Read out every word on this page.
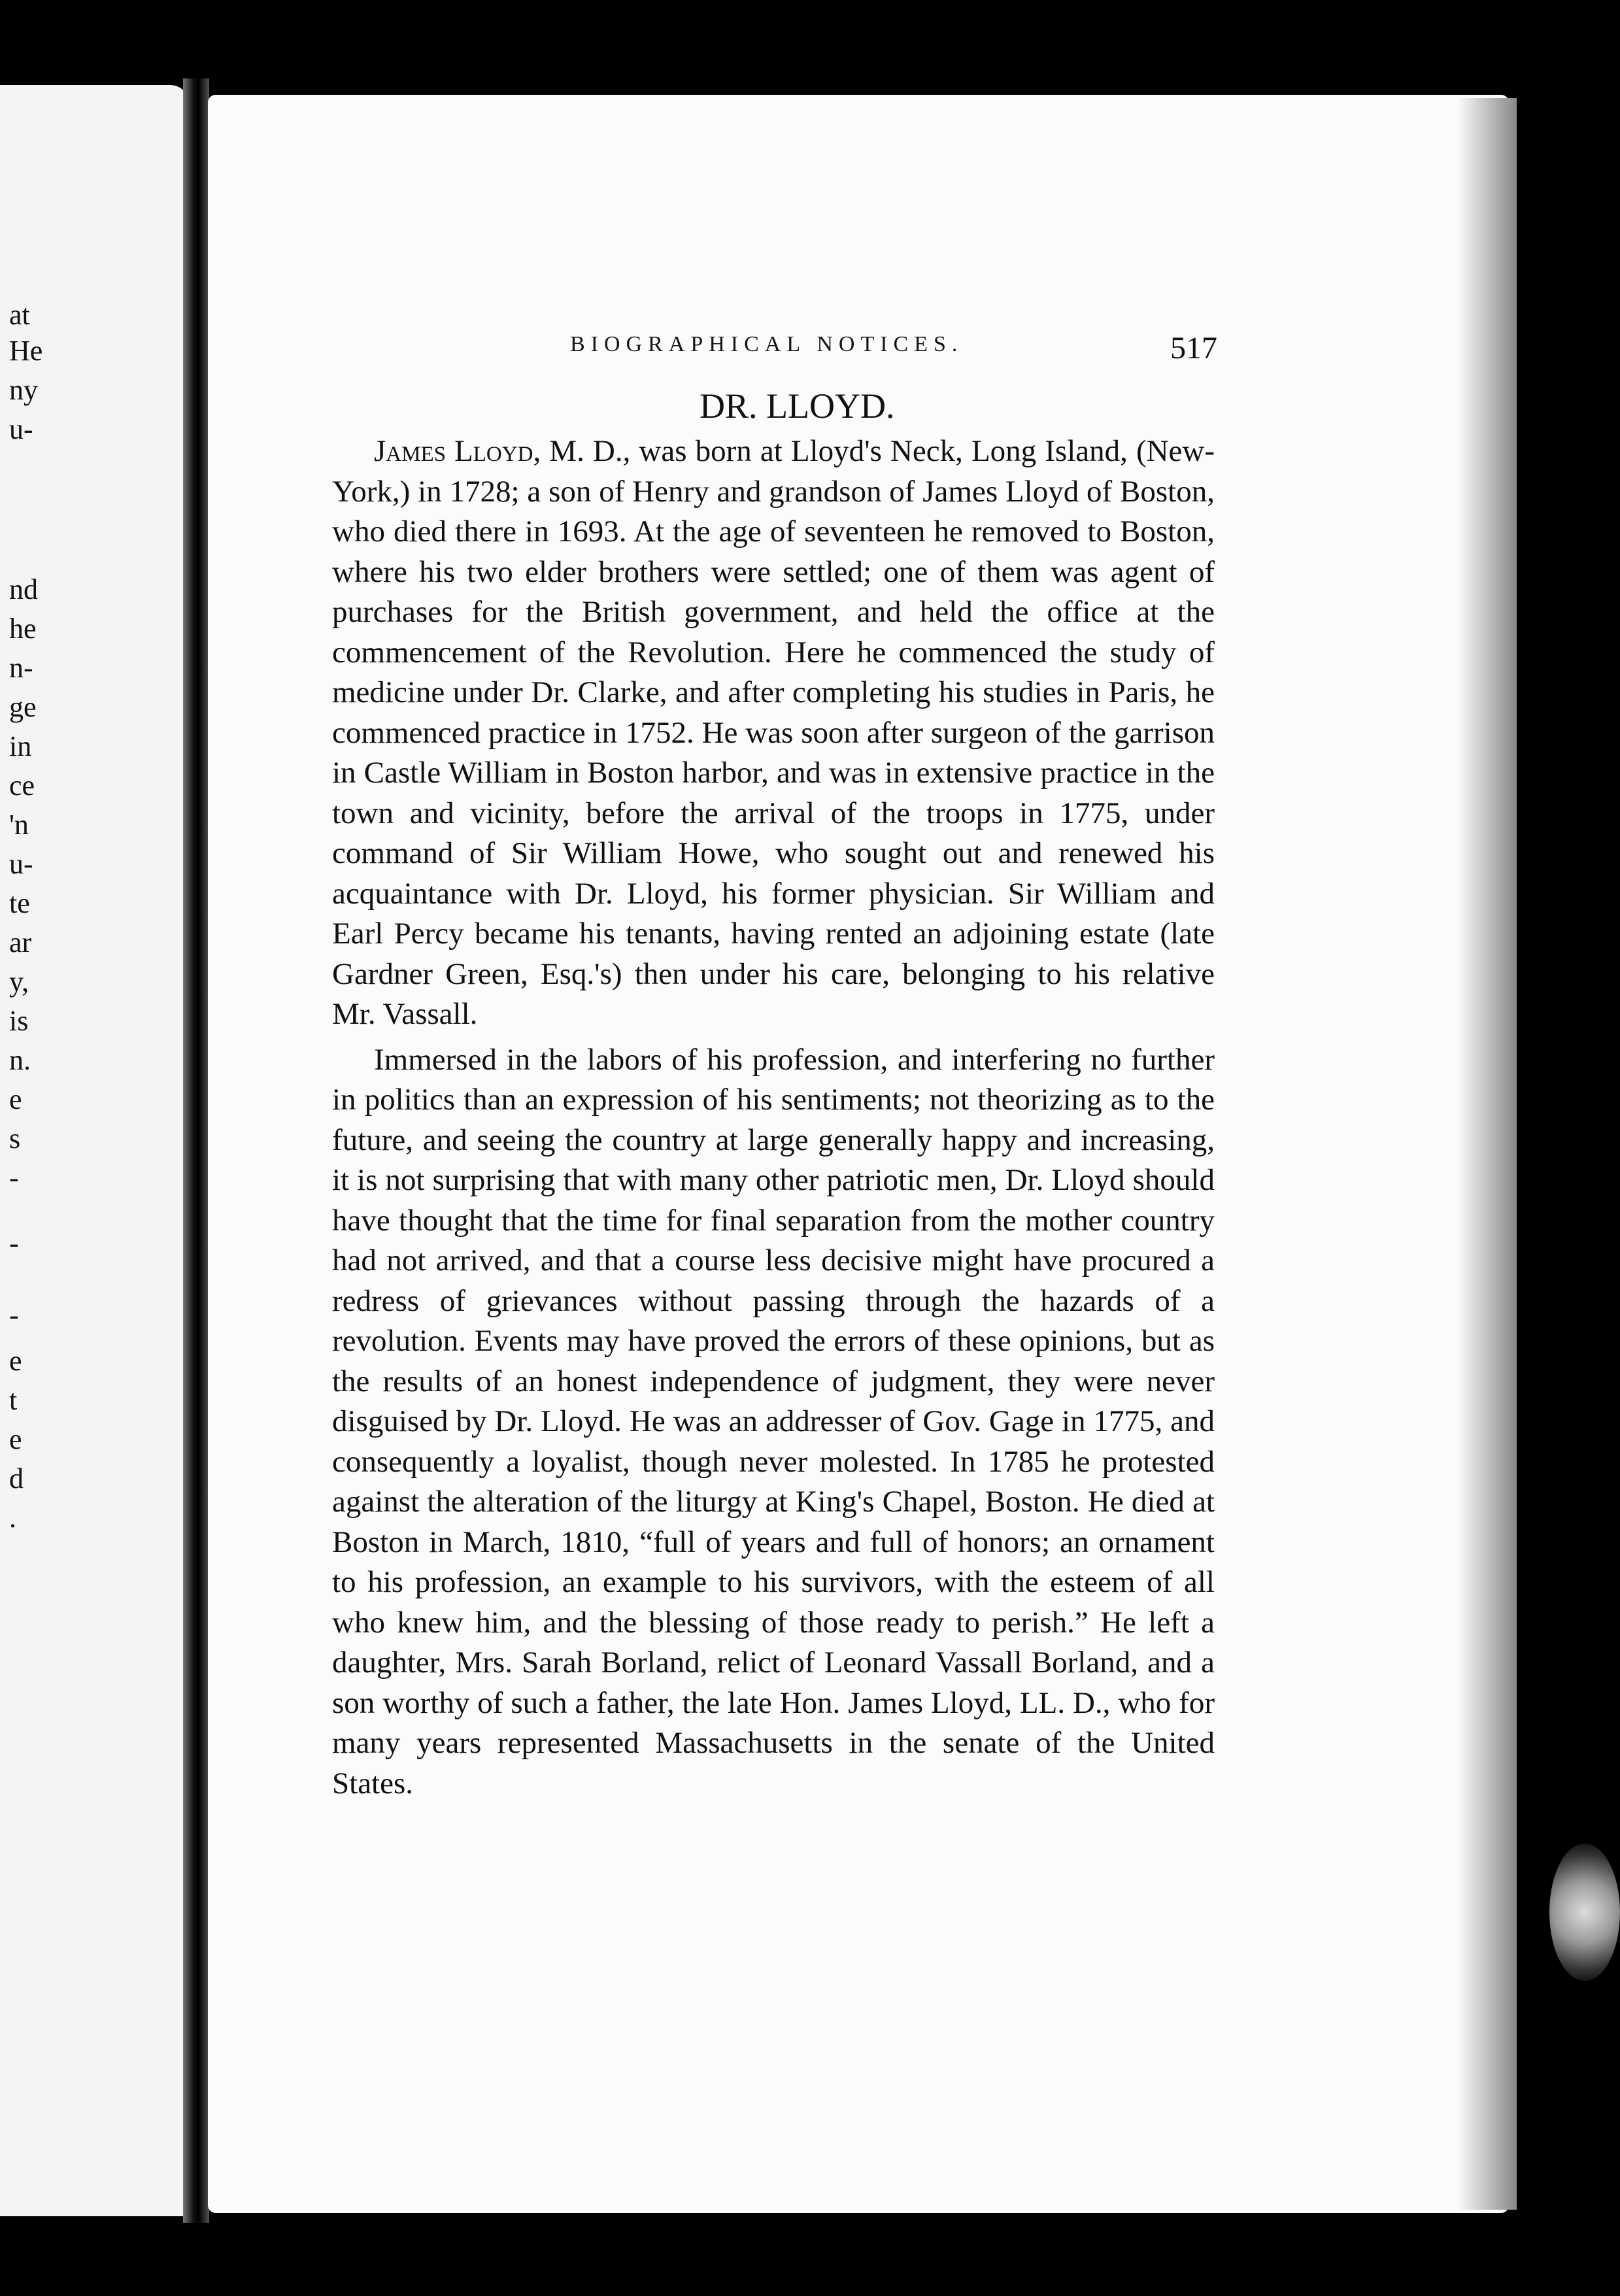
at
He
ny
u-
nd
he
n-
ge
in
ce
'n
u-
te
ar
y,
is
n.
e
s
-
-
-
e
t
e
d
.
BIOGRAPHICAL NOTICES.	517
DR. LLOYD.

James Lloyd, M. D., was born at Lloyd's Neck, Long Island, (New-York,) in 1728; a son of Henry and grandson of James Lloyd of Boston, who died there in 1693. At the age of seventeen he removed to Boston, where his two elder brothers were settled; one of them was agent of purchases for the British government, and held the office at the commencement of the Revolution. Here he commenced the study of medicine under Dr. Clarke, and after completing his studies in Paris, he commenced practice in 1752. He was soon after surgeon of the garrison in Castle William in Boston harbor, and was in extensive practice in the town and vicinity, before the arrival of the troops in 1775, under command of Sir William Howe, who sought out and renewed his acquaintance with Dr. Lloyd, his former physician. Sir William and Earl Percy became his tenants, having rented an adjoining estate (late Gardner Green, Esq.'s) then under his care, belonging to his relative Mr. Vassall.

Immersed in the labors of his profession, and interfering no further in politics than an expression of his sentiments; not theorizing as to the future, and seeing the country at large generally happy and increasing, it is not surprising that with many other patriotic men, Dr. Lloyd should have thought that the time for final separation from the mother country had not arrived, and that a course less decisive might have procured a redress of grievances without passing through the hazards of a revolution. Events may have proved the errors of these opinions, but as the results of an honest independence of judgment, they were never disguised by Dr. Lloyd. He was an addresser of Gov. Gage in 1775, and consequently a loyalist, though never molested. In 1785 he protested against the alteration of the liturgy at King's Chapel, Boston. He died at Boston in March, 1810, “full of years and full of honors; an ornament to his profession, an example to his survivors, with the esteem of all who knew him, and the blessing of those ready to perish.” He left a daughter, Mrs. Sarah Borland, relict of Leonard Vassall Borland, and a son worthy of such a father, the late Hon. James Lloyd, LL. D., who for many years represented Massachusetts in the senate of the United States.
